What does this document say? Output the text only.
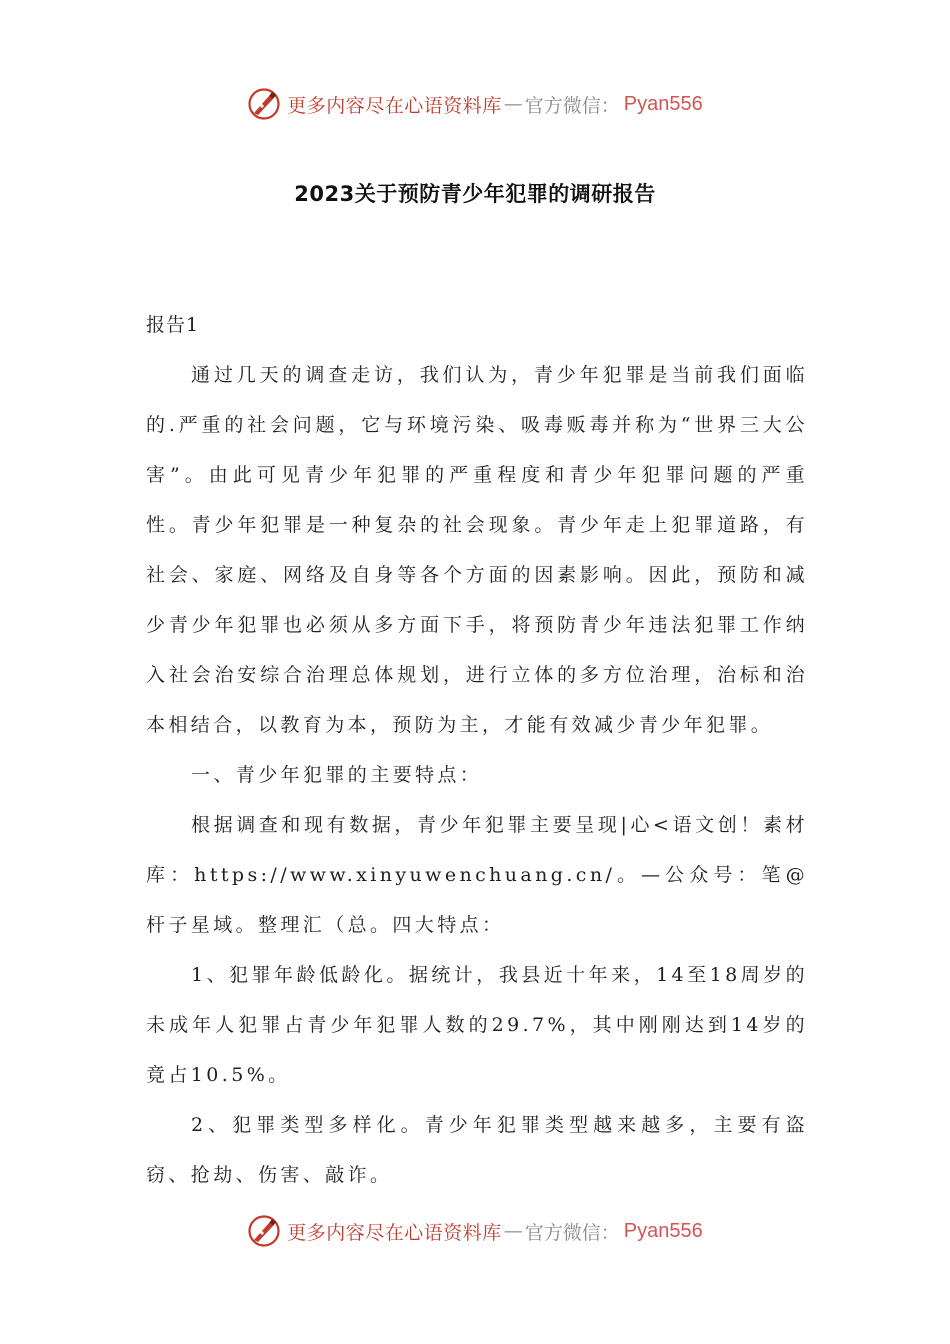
更多内容尽在心语资料库 — 官方微信： Pyan556
2023关于预防青少年犯罪的调研报告

报告1

通过几天的调查走访，我们认为，青少年犯罪是当前我们面临的.严重的社会问题，它与环境污染、吸毒贩毒并称为“世界三大公害”。由此可见青少年犯罪的严重程度和青少年犯罪问题的严重性。青少年犯罪是一种复杂的社会现象。青少年走上犯罪道路，有社会、家庭、网络及自身等各个方面的因素影响。因此，预防和减少青少年犯罪也必须从多方面下手，将预防青少年违法犯罪工作纳入社会治安综合治理总体规划，进行立体的多方位治理，治标和治本相结合，以教育为本，预防为主，才能有效减少青少年犯罪。

一、青少年犯罪的主要特点：

根据调查和现有数据，青少年犯罪主要呈现|心<语文创！素材库：https://www.xinyuwenchuang.cn/。—公众号：笔@杆子星域。整理汇（总。四大特点：

1、犯罪年龄低龄化。据统计，我县近十年来，14至18周岁的未成年人犯罪占青少年犯罪人数的29.7%，其中刚刚达到14岁的竟占10.5%。

2、犯罪类型多样化。青少年犯罪类型越来越多，主要有盗窃、抢劫、伤害、敲诈。

更多内容尽在心语资料库 — 官方微信： Pyan556
